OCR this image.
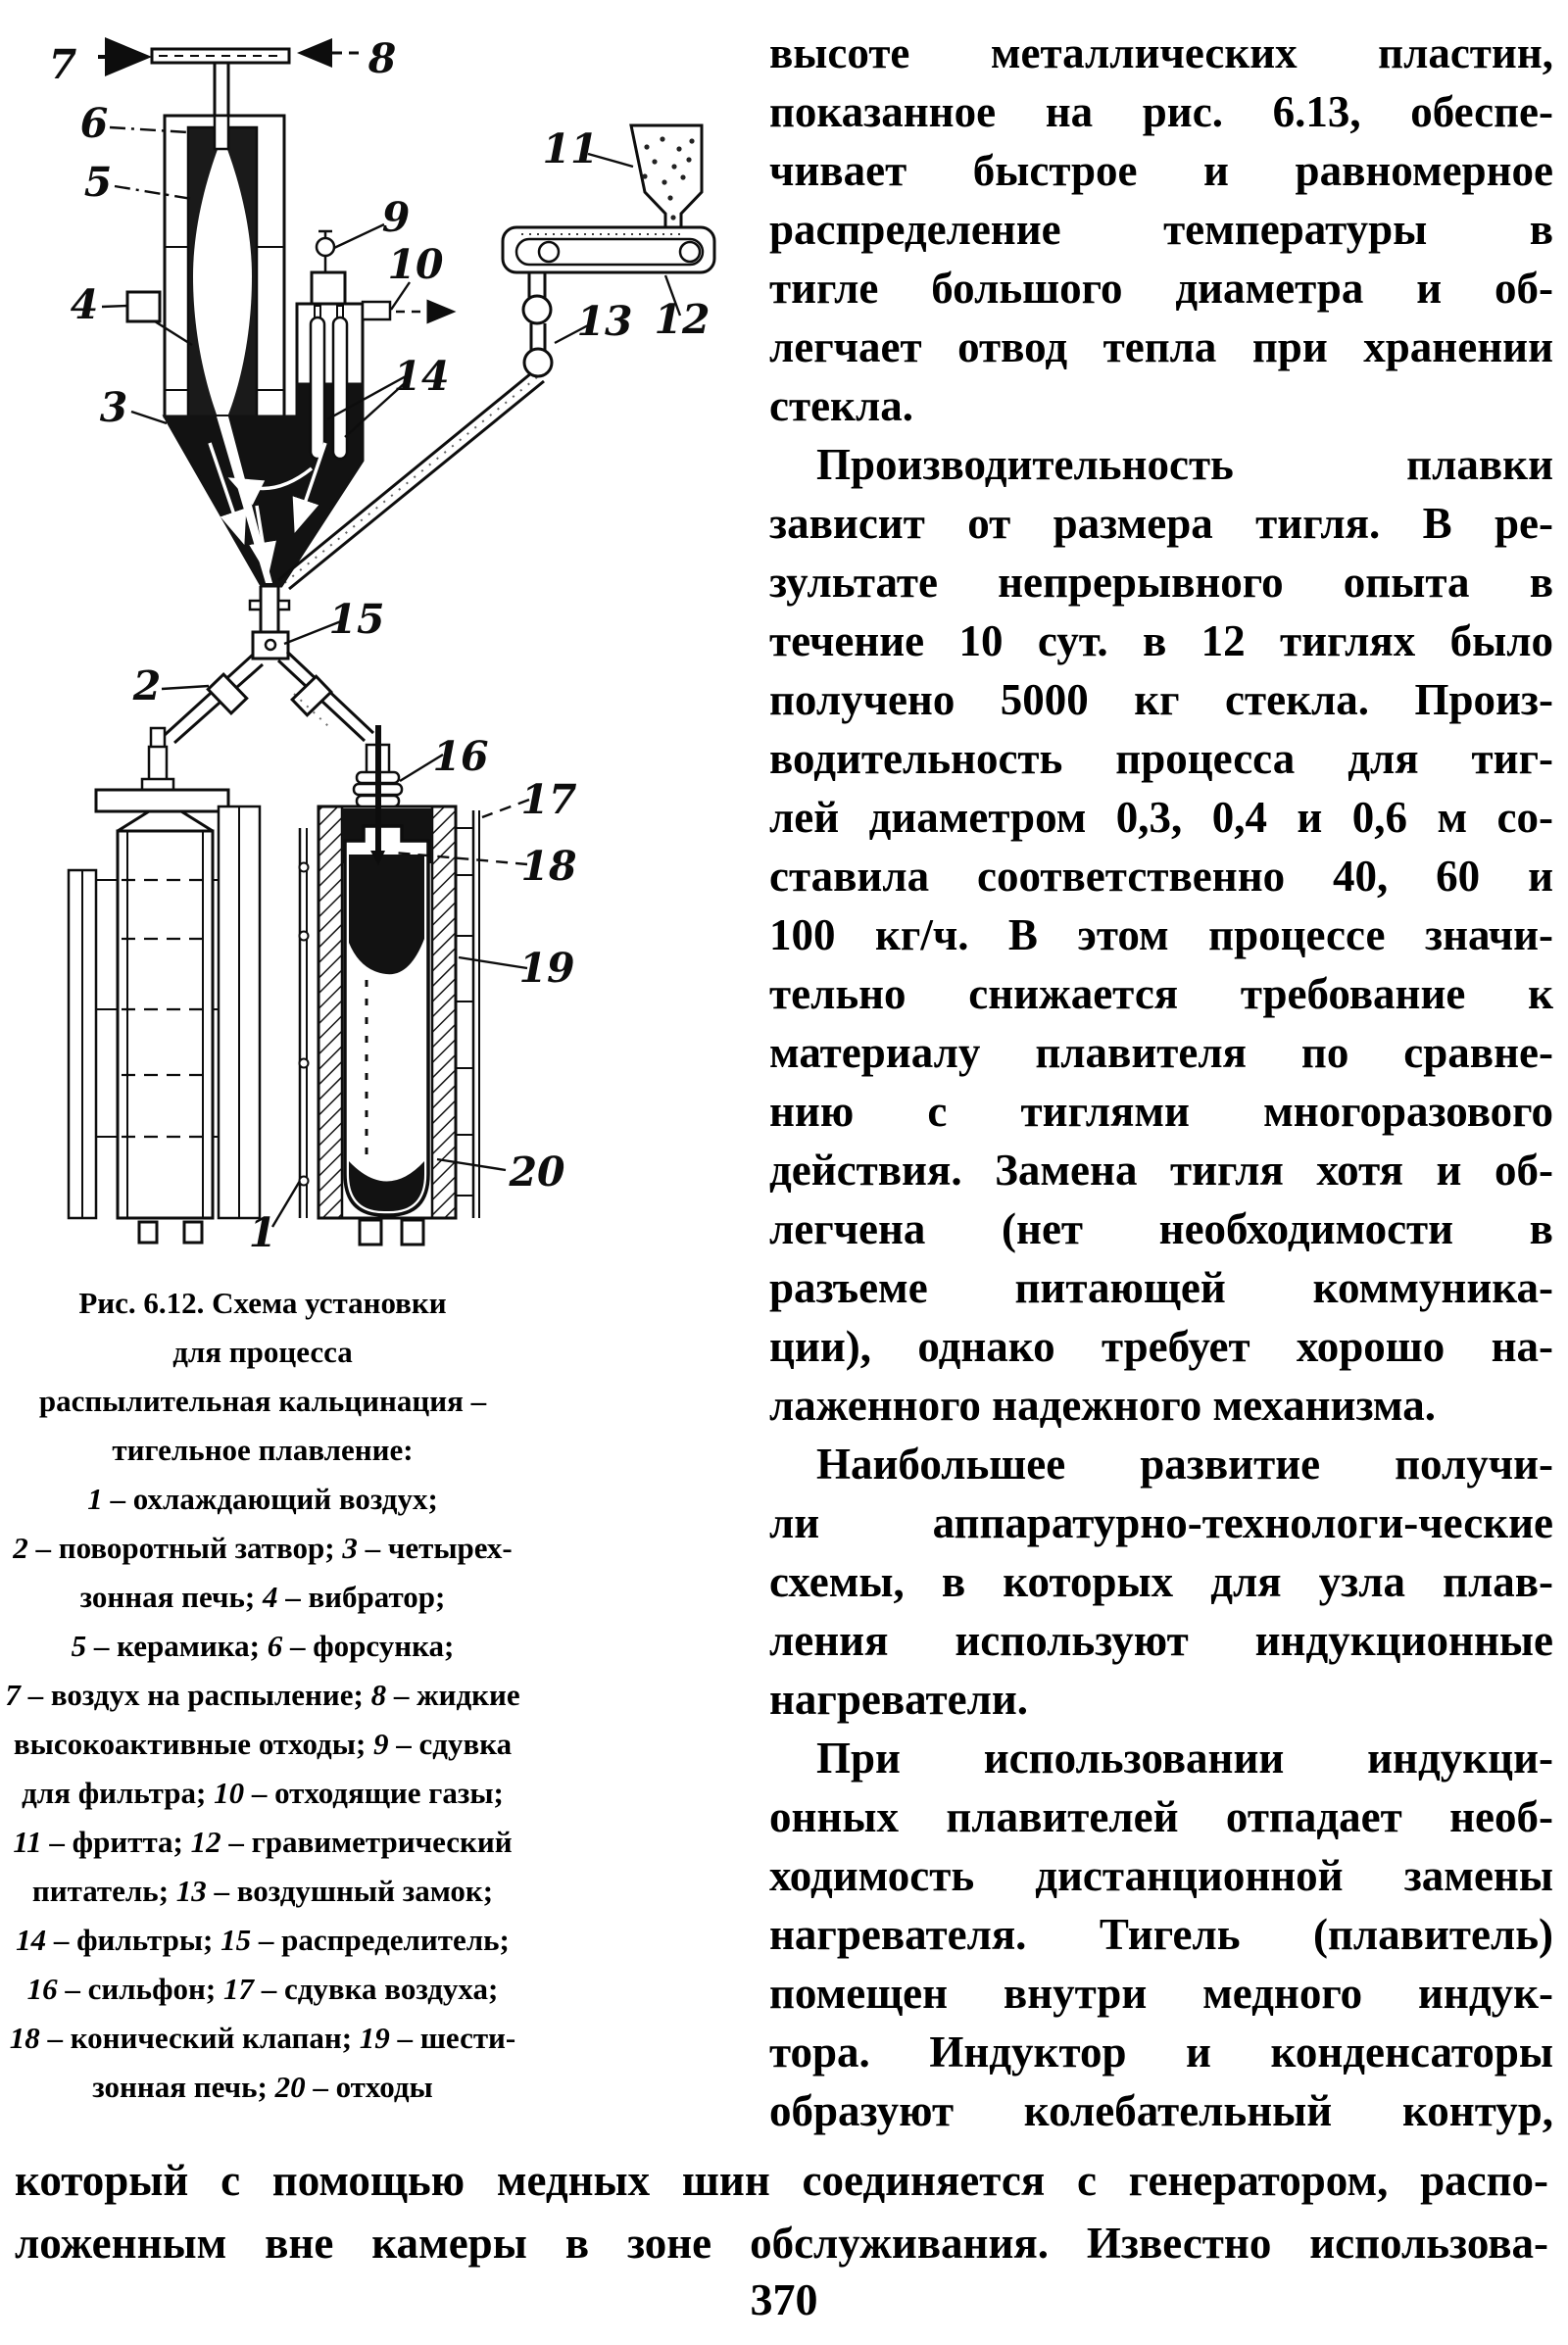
1
2
3
4
5
6
7	8
9
10
11
12
13
14
15
16
17
18
19
20
Рис. 6.12. Схема установки
для процесса
распылительная кальцинация –
тигельное плавление:
1 – охлаждающий воздух;
2 – поворотный затвор; 3 – четырех-
зонная печь; 4 – вибратор;
5 – керамика; 6 – форсунка;
7 – воздух на распыление; 8 – жидкие
высокоактивные отходы; 9 – сдувка
для фильтра; 10 – отходящие газы;
11 – фритта; 12 – гравиметрический
питатель; 13 – воздушный замок;
14 – фильтры; 15 – распределитель;
16 – сильфон; 17 – сдувка воздуха;
18 – конический клапан; 19 – шести-
зонная печь; 20 – отходы
высоте металлических пластин,
показанное на рис. 6.13, обеспе-
чивает быстрое и равномерное
распределение температуры в
тигле большого диаметра и об-
легчает отвод тепла при хранении
стекла.
Производительность плавки
зависит от размера тигля. В ре-
зультате непрерывного опыта в
течение 10 сут. в 12 тиглях было
получено 5000 кг стекла. Произ-
водительность процесса для тиг-
лей диаметром 0,3, 0,4 и 0,6 м со-
ставила соответственно 40, 60 и
100 кг/ч. В этом процессе значи-
тельно снижается требование к
материалу плавителя по сравне-
нию с тиглями многоразового
действия. Замена тигля хотя и об-
легчена (нет необходимости в
разъеме питающей коммуника-
ции), однако требует хорошо на-
лаженного надежного механизма.
Наибольшее развитие получи-
ли аппаратурно-технологи-ческие
схемы, в которых для узла плав-
ления используют индукционные
нагреватели.
При использовании индукци-
онных плавителей отпадает необ-
ходимость дистанционной замены
нагревателя. Тигель (плавитель)
помещен внутри медного индук-
тора. Индуктор и конденсаторы
образуют колебательный контур,
который с помощью медных шин соединяется с генератором, распо-
ложенным вне камеры в зоне обслуживания. Известно использова-
370
